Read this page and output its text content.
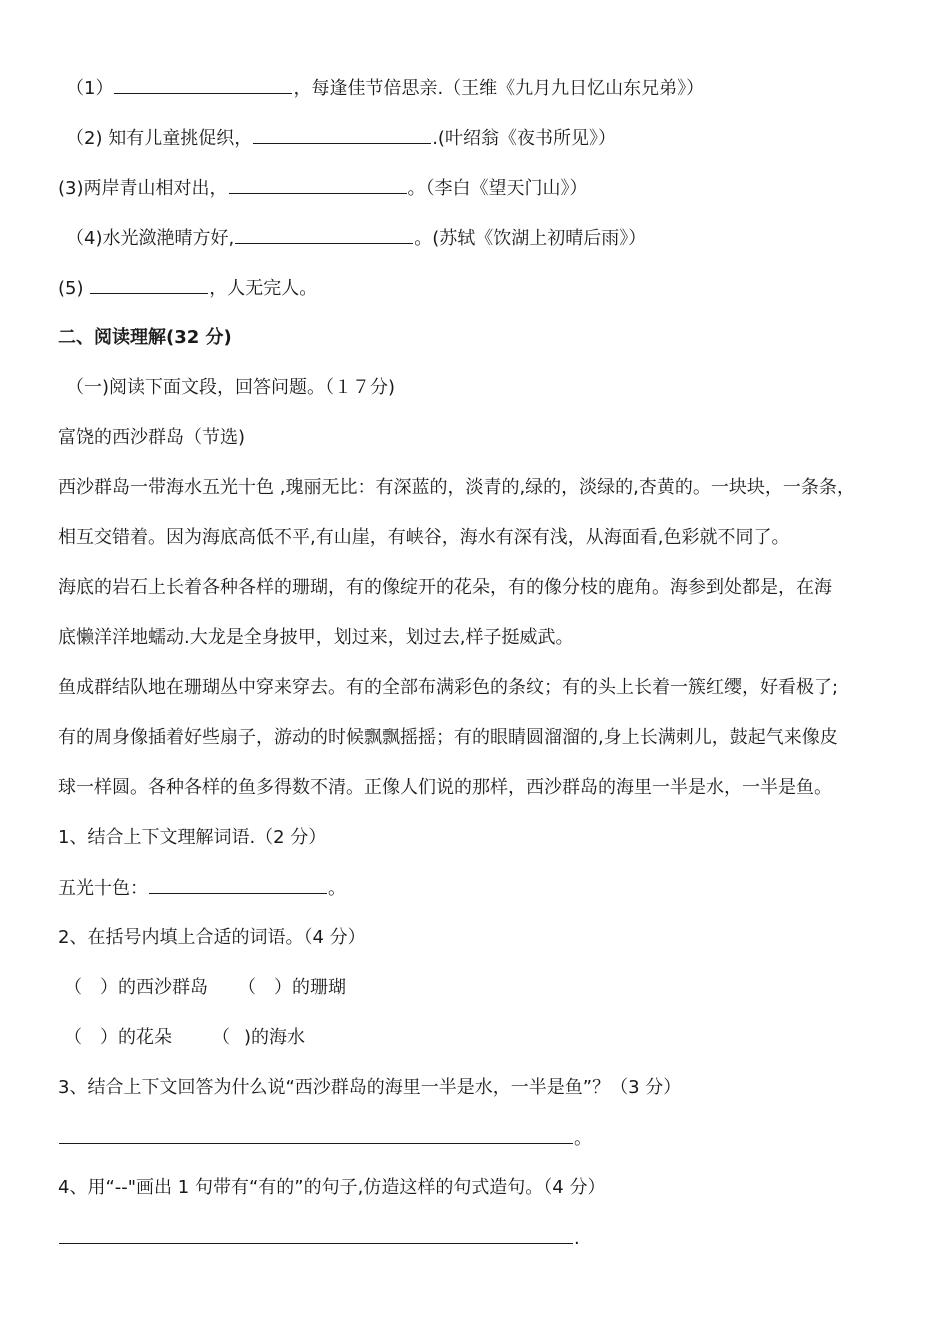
（1）	，每逢佳节倍思亲.（王维《九月九日忆山东兄弟》）
（2) 知有儿童挑促织，	.(叶绍翁《夜书所见》）
(3)两岸青山相对出，	。（李白《望天门山》）
（4)水光潋滟晴方好,	。(苏轼《饮湖上初晴后雨》）
(5)	，人无完人。
二、阅读理解(32 分)
（一)阅读下面文段，回答问题。（１７分)
富饶的西沙群岛（节选)
西沙群岛一带海水五光十色 ,瑰丽无比：有深蓝的，淡青的,绿的，淡绿的,杏黄的。一块块，一条条，
相互交错着。因为海底高低不平,有山崖，有峡谷，海水有深有浅，从海面看,色彩就不同了。
海底的岩石上长着各种各样的珊瑚，有的像绽开的花朵，有的像分枝的鹿角。海参到处都是，在海
底懒洋洋地蠕动.大龙是全身披甲，划过来，划过去,样子挺威武。
鱼成群结队地在珊瑚丛中穿来穿去。有的全部布满彩色的条纹；有的头上长着一簇红缨，好看极了;
有的周身像插着好些扇子，游动的时候飘飘摇摇；有的眼睛圆溜溜的,身上长满刺儿，鼓起气来像皮
球一样圆。各种各样的鱼多得数不清。正像人们说的那样，西沙群岛的海里一半是水，一半是鱼。
1、结合上下文理解词语.（2 分）
五光十色：	。
2、在括号内填上合适的词语。（4 分）
（ ）的西沙群岛 （ ）的珊瑚
（ ）的花朵 （ )的海水
3、结合上下文回答为什么说“西沙群岛的海里一半是水，一半是鱼”？（3 分）
。
4、用“--"画出 1 句带有“有的”的句子,仿造这样的句式造句。（4 分）
.
